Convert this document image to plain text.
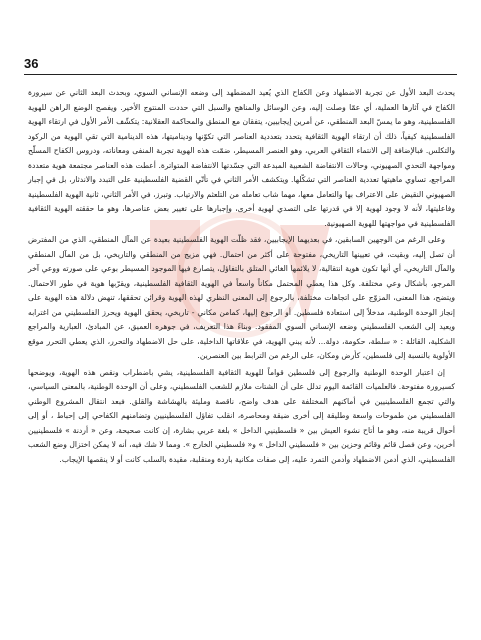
36

يحدث البعد الأول عن تجربة الاضطهاد وعن الكفاح الذي يُعيد المضطهد إلى وضعه الإنساني السوي، وبحدث البعد الثاني عن سيرورة الكفاح في آثارها العملية، أي عمّا وصلت إليه، وعن الوسائل والمناهج والسبل التي حددت المنتوج الأخير. ويفصح الوضع الراهن للهوية الفلسطينية، وهو ما يمسّ البعد المنطقي، عن أمرين إيجابيين، يتفقان مع المنطق والمحاكمة العقلانية: يتكشّف الأمر الأول في ارتقاء الهوية الفلسطينية كيفياً، ذلك أن ارتقاء الهوية الثقافية يتحدد بتعددية العناصر التي تكوّنها وديناميتها، هذه الدينامية التي تقي الهوية من الركود والتكلس. فبالإضافة إلى الانتماء الثقافي العربي، وهو العنصر المسيطر، ضمّت هذه الهوية تجربة المنفى ومعاناته، ودروس الكفاح المسلّح ومواجهة التحدي الصهيوني، وحالات الانتفاضة الشعبية المبدعة التي جسّدتها الانتفاضة المتواترة. أعطت هذه العناصر مجتمعة هوية متعددة المراجع، تساوي ماهيتها تعددية العناصر التي تشكّلها. ويتكشف الأمر الثاني في تأتّي القضية الفلسطينية على التبدد والاندثار، بل في إجبار الصهيوني النقيض على الاعتراف بها والتعامل معها، مهما شاب تعامله من التلعثم والارتياب. وتبرز، في الأمر الثاني، ثانية الهوية الفلسطينية وفاعليتها، لأنه لا وجود لهوية إلا في قدرتها على التصدي لهوية أخرى، وإجبارها على تغيير بعض عناصرها، وهو ما حققته الهوية الثقافية الفلسطينية في مواجهتها للهوية الصهيونية.

وعلى الرغم من الوجهين السابقين، في بعديهما الإيجابيين، فقد ظلّت الهوية الفلسطينية بعيدة عن المآل المنطقي، الذي من المفترض أن تصل إليه، وبقيت، في تعيينها التاريخي، مفتوحة على أكثر من احتمال. فهي مزيج من المنطقي والتاريخي، بل من المآل المنطقي والمآل التاريخي، أي أنها تكون هوية انتقالية، لا يلائمها الغائي المتلق بالتفاؤل، يتصارع فيها الموجود المسيطر بوعي على صورته ووعي آخر المرجو، بأشكال وعي مختلفة. وكل هذا يعطي المحتمل مكاناً واسعاً في الهوية الثقافية الفلسطينية، ويقرّبها هوية في طور الاحتمال. ويتضح، هذا المعنى، المزوّج على اتجاهات مختلفة، بالرجوع إلى المعنى النظري لهذه الهوية وقرائن تحققها، تنهض دلالة هذه الهوية على إنجاز الوحدة الوطنية، مدخلاً إلى استعادة فلسطين. أو الرجوع إليها، كمامن مكاني - تاريخي، يحقق الهوية ويحرز الفلسطيني من اغترابه ويعيد إلى الشعب الفلسطيني وضعه الإنساني السوي المفقود. وبناءً هذا التعريف، في جوهره العميق، عن المبادئ، العبارية والمراجع الشكلية، القائلة : « سلطة، حكومة، دولة... لأنه يبني الهوية، في علاقاتها الداخلية، على حل الاضطهاد والتحرر، الذي يعطي التحرر موقع الأولوية بالنسبة إلى فلسطين، كأرض ومكان، على الرغم من الترابط بين العنصرين.

إن اعتبار الوحدة الوطنية والرجوع إلى فلسطين قواماً للهوية الثقافية الفلسطينية، يشي باضطراب ونقص هذه الهوية، ويوضحها كسيرورة مفتوحة. فالعلميات القائمة اليوم تدلل على أن الشتات ملازم للشعب الفلسطيني، وعلى أن الوحدة الوطنية، بالمعنى السياسي، والتي تجمع الفلسطينيين في أماكنهم المختلفة على هدف واضح، ناقصة ومليئة بالهشاشة والقلق. فبعد انتقال المشروع الوطني الفلسطيني من طموحات واسعة وطليقة إلى أخرى ضيقة ومحاصرة، انقلب تفاؤل الفلسطينيين وتضامنهم الكفاحي إلى إحباط ، أو إلى أحوال قريبة منه، وهو ما أتاح نشوء العيش بين « فلسطينيي الداخل » بلغة عربي بشارة، إن كانت صحيحة، وعن « أردنة » فلسطينيين أخرين، وعن فصل قائم وقائم وحزين بين « فلسطيني الداخل » و« فلسطيني الخارج ». ومما لا شك فيه، أنه لا يمكن اختزال وضع الشعب الفلسطيني، الذي أدمن الاضطهاد وأدمن التمرد عليه، إلى صفات مكانية باردة ومنقلبة، مقيدة بالسلب كانت أو لا ينقصها الإيجاب.
